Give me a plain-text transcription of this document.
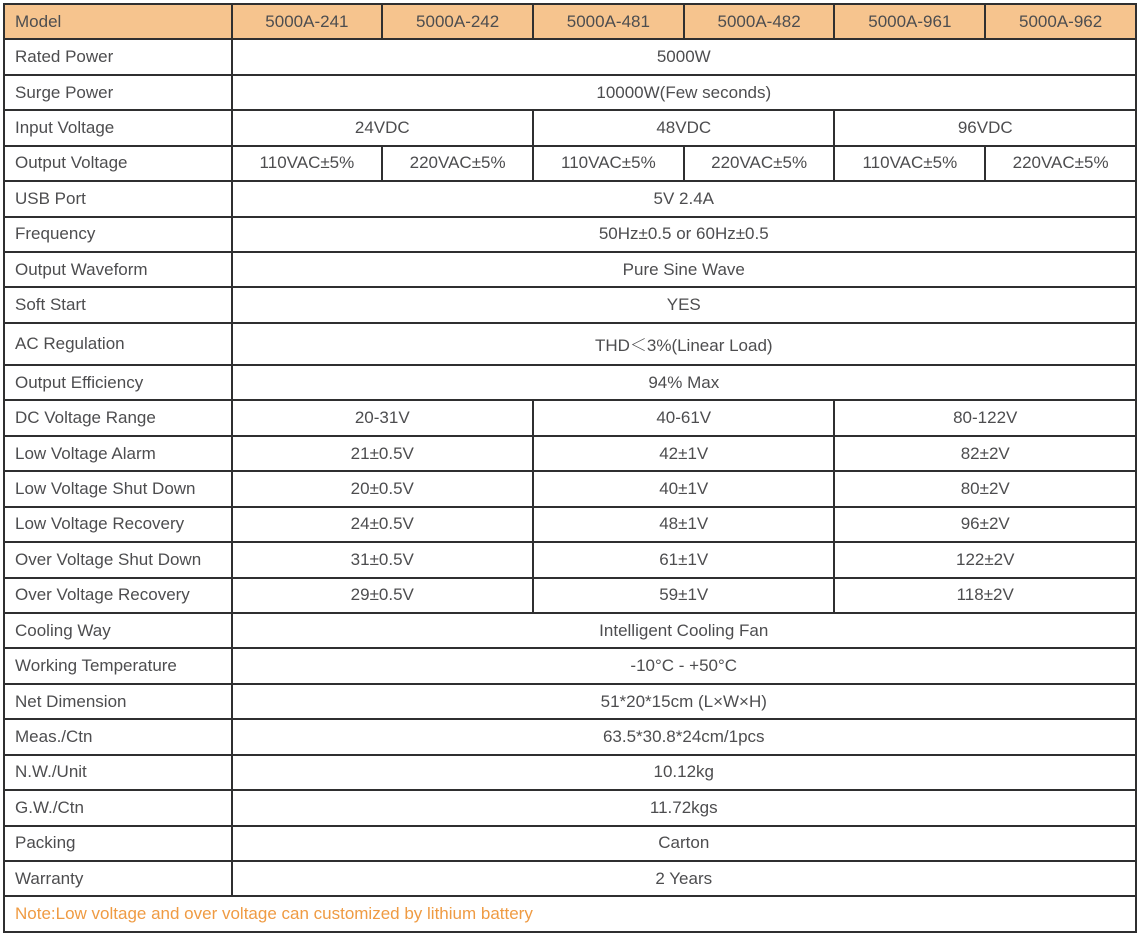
Model	5000A-241	5000A-242	5000A-481	5000A-482	5000A-961	5000A-962
Rated Power	5000W					
Surge Power	10000W(Few seconds)					
Input Voltage	24VDC		48VDC		96VDC	
Output Voltage	110VAC±5%	220VAC±5%	110VAC±5%	220VAC±5%	110VAC±5%	220VAC±5%
USB Port	5V 2.4A					
Frequency	50Hz±0.5 or 60Hz±0.5					
Output Waveform	Pure Sine Wave					
Soft Start	YES					
AC Regulation	THD＜3%(Linear Load)					
Output Efficiency	94% Max					
DC Voltage Range	20-31V		40-61V		80-122V	
Low Voltage Alarm	21±0.5V		42±1V		82±2V	
Low Voltage Shut Down	20±0.5V		40±1V		80±2V	
Low Voltage Recovery	24±0.5V		48±1V		96±2V	
Over Voltage Shut Down	31±0.5V		61±1V		122±2V	
Over Voltage Recovery	29±0.5V		59±1V		118±2V	
Cooling Way	Intelligent Cooling Fan					
Working Temperature	-10°C - +50°C					
Net Dimension	51*20*15cm (L×W×H)					
Meas./Ctn	63.5*30.8*24cm/1pcs					
N.W./Unit	10.12kg					
G.W./Ctn	11.72kgs					
Packing	Carton					
Warranty	2 Years					
Note:Low voltage and over voltage can customized by lithium battery						
